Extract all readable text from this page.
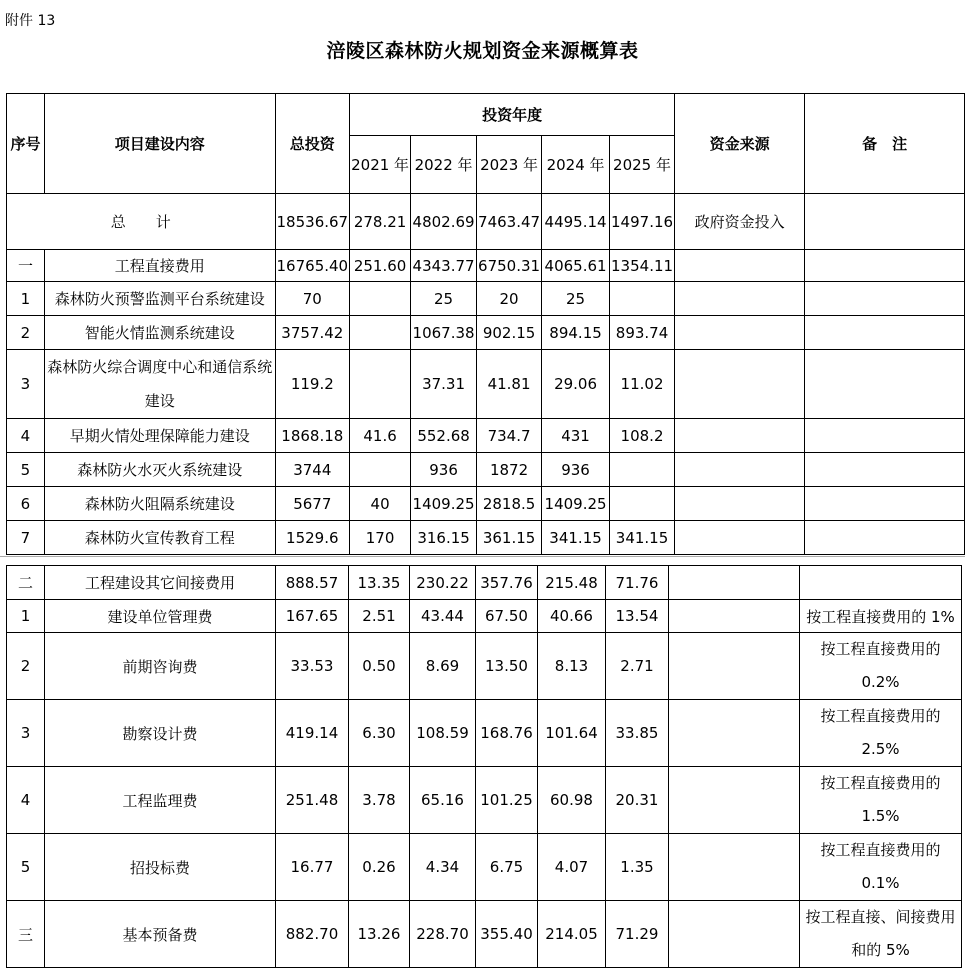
附件 13
涪陵区森林防火规划资金来源概算表
序号	项目建设内容	总投资	投资年度					资金来源	备　注
			2021 年	2022 年	2023 年	2024 年	2025 年		
总　　计		18536.67	278.21	4802.69	7463.47	4495.14	1497.16	政府资金投入	
一	工程直接费用	16765.40	251.60	4343.77	6750.31	4065.61	1354.11		
1	森林防火预警监测平台系统建设	70		25	20	25			
2	智能火情监测系统建设	3757.42		1067.38	902.15	894.15	893.74		
3	森林防火综合调度中心和通信系统建设	119.2		37.31	41.81	29.06	11.02		
4	早期火情处理保障能力建设	1868.18	41.6	552.68	734.7	431	108.2		
5	森林防火水灭火系统建设	3744		936	1872	936			
6	森林防火阻隔系统建设	5677	40	1409.25	2818.5	1409.25			
7	森林防火宣传教育工程	1529.6	170	316.15	361.15	341.15	341.15		
二	工程建设其它间接费用	888.57	13.35	230.22	357.76	215.48	71.76		
1	建设单位管理费	167.65	2.51	43.44	67.50	40.66	13.54		按工程直接费用的 1%
2	前期咨询费	33.53	0.50	8.69	13.50	8.13	2.71		按工程直接费用的 0.2%
3	勘察设计费	419.14	6.30	108.59	168.76	101.64	33.85		按工程直接费用的 2.5%
4	工程监理费	251.48	3.78	65.16	101.25	60.98	20.31		按工程直接费用的 1.5%
5	招投标费	16.77	0.26	4.34	6.75	4.07	1.35		按工程直接费用的 0.1%
三	基本预备费	882.70	13.26	228.70	355.40	214.05	71.29		按工程直接、间接费用和的 5%
